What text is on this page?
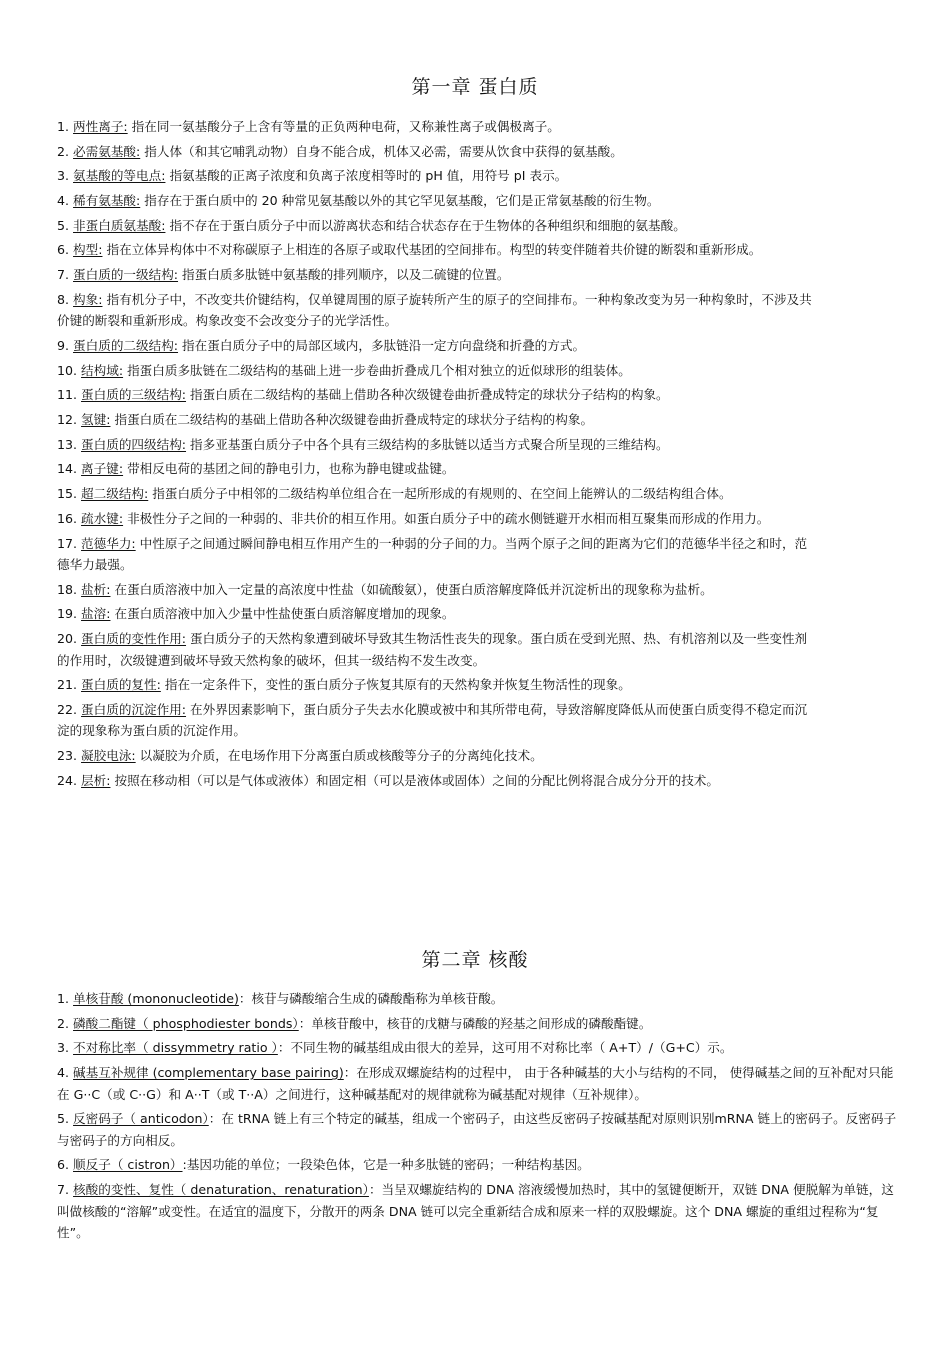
第一章 蛋白质
1. 两性离子: 指在同一氨基酸分子上含有等量的正负两种电荷，又称兼性离子或偶极离子。
2. 必需氨基酸: 指人体（和其它哺乳动物）自身不能合成，机体又必需，需要从饮食中获得的氨基酸。
3. 氨基酸的等电点: 指氨基酸的正离子浓度和负离子浓度相等时的 pH 值，用符号 pI 表示。
4. 稀有氨基酸: 指存在于蛋白质中的 20 种常见氨基酸以外的其它罕见氨基酸，它们是正常氨基酸的衍生物。
5. 非蛋白质氨基酸: 指不存在于蛋白质分子中而以游离状态和结合状态存在于生物体的各种组织和细胞的氨基酸。
6. 构型: 指在立体异构体中不对称碳原子上相连的各原子或取代基团的空间排布。构型的转变伴随着共价键的断裂和重新形成。
7. 蛋白质的一级结构: 指蛋白质多肽链中氨基酸的排列顺序，以及二硫键的位置。
8. 构象: 指有机分子中，不改变共价键结构，仅单键周围的原子旋转所产生的原子的空间排布。一种构象改变为另一种构象时，不涉及共价键的断裂和重新形成。构象改变不会改变分子的光学活性。
9. 蛋白质的二级结构: 指在蛋白质分子中的局部区域内，多肽链沿一定方向盘绕和折叠的方式。
10. 结构域: 指蛋白质多肽链在二级结构的基础上进一步卷曲折叠成几个相对独立的近似球形的组装体。
11. 蛋白质的三级结构: 指蛋白质在二级结构的基础上借助各种次级键卷曲折叠成特定的球状分子结构的构象。
12. 氢键: 指蛋白质在二级结构的基础上借助各种次级键卷曲折叠成特定的球状分子结构的构象。
13. 蛋白质的四级结构: 指多亚基蛋白质分子中各个具有三级结构的多肽链以适当方式聚合所呈现的三维结构。
14. 离子键: 带相反电荷的基团之间的静电引力，也称为静电键或盐键。
15. 超二级结构: 指蛋白质分子中相邻的二级结构单位组合在一起所形成的有规则的、在空间上能辨认的二级结构组合体。
16. 疏水键: 非极性分子之间的一种弱的、非共价的相互作用。如蛋白质分子中的疏水侧链避开水相而相互聚集而形成的作用力。
17. 范德华力: 中性原子之间通过瞬间静电相互作用产生的一种弱的分子间的力。当两个原子之间的距离为它们的范德华半径之和时，范德华力最强。
18. 盐析: 在蛋白质溶液中加入一定量的高浓度中性盐（如硫酸氨），使蛋白质溶解度降低并沉淀析出的现象称为盐析。
19. 盐溶: 在蛋白质溶液中加入少量中性盐使蛋白质溶解度增加的现象。
20. 蛋白质的变性作用: 蛋白质分子的天然构象遭到破坏导致其生物活性丧失的现象。蛋白质在受到光照、热、有机溶剂以及一些变性剂的作用时，次级键遭到破坏导致天然构象的破坏，但其一级结构不发生改变。
21. 蛋白质的复性: 指在一定条件下，变性的蛋白质分子恢复其原有的天然构象并恢复生物活性的现象。
22. 蛋白质的沉淀作用: 在外界因素影响下，蛋白质分子失去水化膜或被中和其所带电荷，导致溶解度降低从而使蛋白质变得不稳定而沉淀的现象称为蛋白质的沉淀作用。
23. 凝胶电泳: 以凝胶为介质，在电场作用下分离蛋白质或核酸等分子的分离纯化技术。
24. 层析: 按照在移动相（可以是气体或液体）和固定相（可以是液体或固体）之间的分配比例将混合成分分开的技术。
第二章 核酸
1. 单核苷酸 (mononucleotide)：核苷与磷酸缩合生成的磷酸酯称为单核苷酸。
2. 磷酸二酯键（ phosphodiester bonds）：单核苷酸中，核苷的戊糖与磷酸的羟基之间形成的磷酸酯键。
3. 不对称比率（ dissymmetry ratio ）：不同生物的碱基组成由很大的差异，这可用不对称比率（ A+T）/（G+C）示。
4. 碱基互补规律 (complementary base pairing)：在形成双螺旋结构的过程中， 由于各种碱基的大小与结构的不同， 使得碱基之间的互补配对只能在 G··C（或 C··G）和 A··T（或 T··A）之间进行，这种碱基配对的规律就称为碱基配对规律（互补规律）。
5. 反密码子（ anticodon）：在 tRNA 链上有三个特定的碱基，组成一个密码子，由这些反密码子按碱基配对原则识别mRNA 链上的密码子。反密码子与密码子的方向相反。
6. 顺反子（ cistron）:基因功能的单位；一段染色体，它是一种多肽链的密码；一种结构基因。
7. 核酸的变性、复性（ denaturation、renaturation）：当呈双螺旋结构的 DNA 溶液缓慢加热时，其中的氢键便断开，双链 DNA 便脱解为单链，这叫做核酸的“溶解”或变性。在适宜的温度下，分散开的两条 DNA 链可以完全重新结合成和原来一样的双股螺旋。这个 DNA 螺旋的重组过程称为“复性”。
